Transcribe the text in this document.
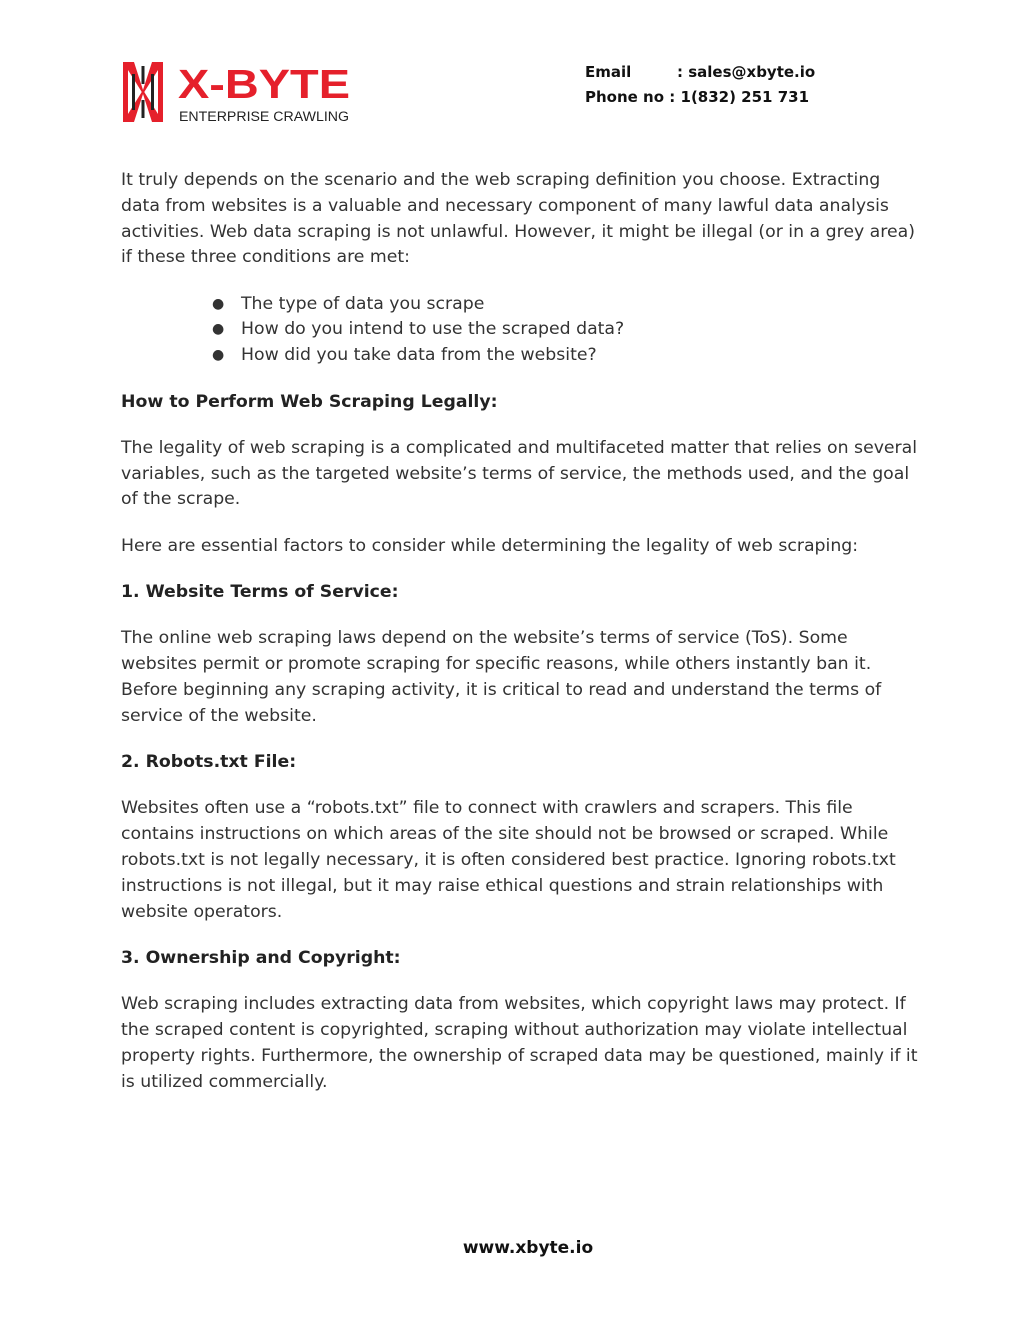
X-BYTE
ENTERPRISE CRAWLING
Email	: sales@xbyte.io
Phone no : 1(832) 251 731

It truly depends on the scenario and the web scraping definition you choose. Extracting data from websites is a valuable and necessary component of many lawful data analysis activities. Web data scraping is not unlawful. However, it might be illegal (or in a grey area) if these three conditions are met:

● The type of data you scrape
● How do you intend to use the scraped data?
● How did you take data from the website?
How to Perform Web Scraping Legally:

The legality of web scraping is a complicated and multifaceted matter that relies on several variables, such as the targeted website’s terms of service, the methods used, and the goal of the scrape.

Here are essential factors to consider while determining the legality of web scraping:

1. Website Terms of Service:

The online web scraping laws depend on the website’s terms of service (ToS). Some websites permit or promote scraping for specific reasons, while others instantly ban it. Before beginning any scraping activity, it is critical to read and understand the terms of service of the website.

2. Robots.txt File:

Websites often use a “robots.txt” file to connect with crawlers and scrapers. This file contains instructions on which areas of the site should not be browsed or scraped. While robots.txt is not legally necessary, it is often considered best practice. Ignoring robots.txt instructions is not illegal, but it may raise ethical questions and strain relationships with website operators.

3. Ownership and Copyright:

Web scraping includes extracting data from websites, which copyright laws may protect. If the scraped content is copyrighted, scraping without authorization may violate intellectual property rights. Furthermore, the ownership of scraped data may be questioned, mainly if it is utilized commercially.

www.xbyte.io
